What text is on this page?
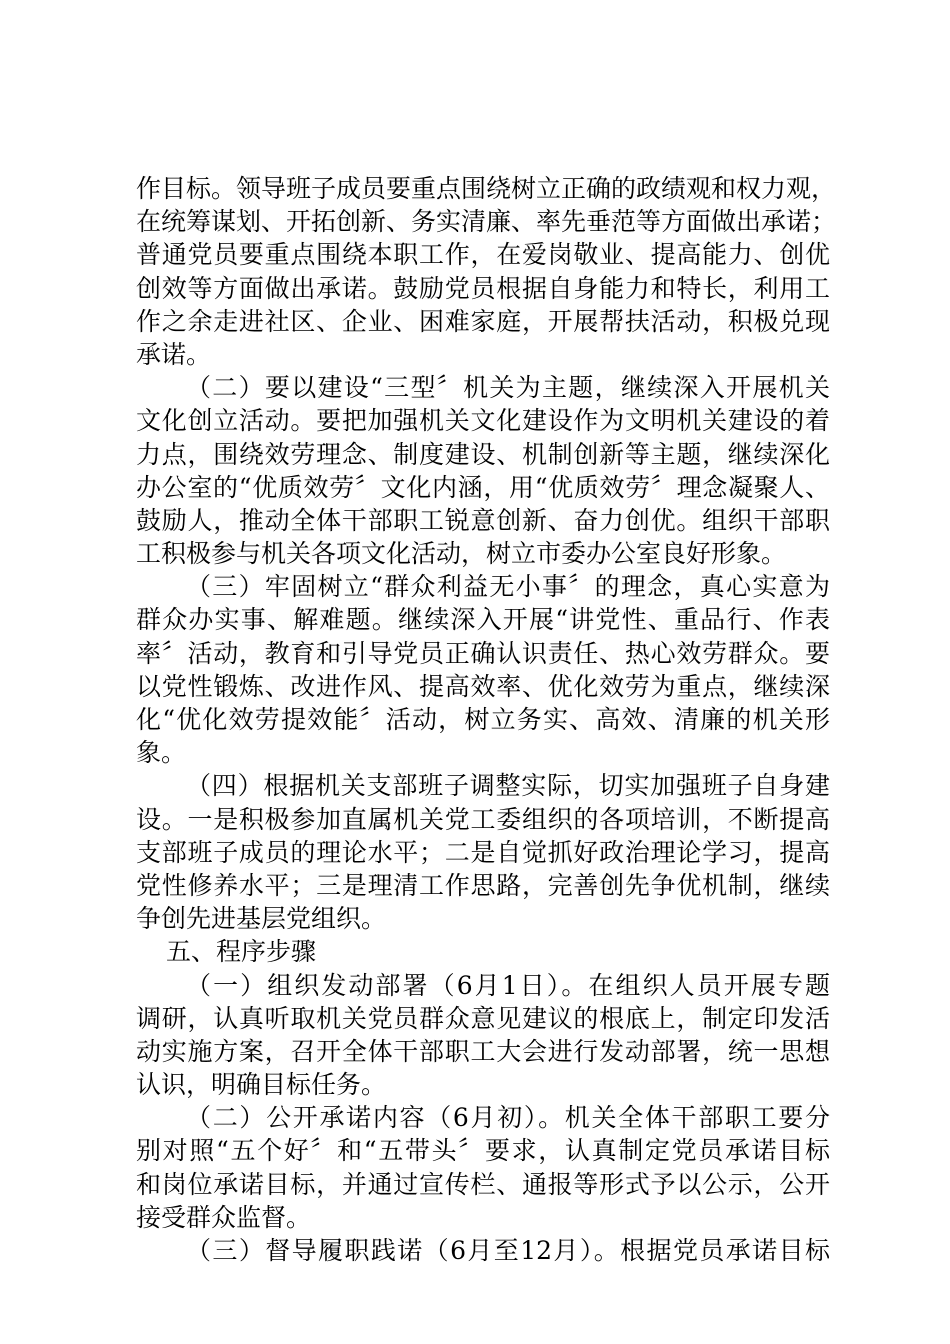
作目标。领导班子成员要重点围绕树立正确的政绩观和权力观，
在统筹谋划、开拓创新、务实清廉、率先垂范等方面做出承诺；
普通党员要重点围绕本职工作，在爱岗敬业、提高能力、创优
创效等方面做出承诺。鼓励党员根据自身能力和特长，利用工
作之余走进社区、企业、困难家庭，开展帮扶活动，积极兑现
承诺。
（二）要以建设“三型〞机关为主题，继续深入开展机关
文化创立活动。要把加强机关文化建设作为文明机关建设的着
力点，围绕效劳理念、制度建设、机制创新等主题，继续深化
办公室的“优质效劳〞文化内涵，用“优质效劳〞理念凝聚人、
鼓励人，推动全体干部职工锐意创新、奋力创优。组织干部职
工积极参与机关各项文化活动，树立市委办公室良好形象。
（三）牢固树立“群众利益无小事〞的理念，真心实意为
群众办实事、解难题。继续深入开展“讲党性、重品行、作表
率〞活动，教育和引导党员正确认识责任、热心效劳群众。要
以党性锻炼、改进作风、提高效率、优化效劳为重点，继续深
化“优化效劳提效能〞活动，树立务实、高效、清廉的机关形
象。
（四）根据机关支部班子调整实际，切实加强班子自身建
设。一是积极参加直属机关党工委组织的各项培训，不断提高
支部班子成员的理论水平；二是自觉抓好政治理论学习，提高
党性修养水平；三是理清工作思路，完善创先争优机制，继续
争创先进基层党组织。
五、程序步骤
（一）组织发动部署（6月1日）。在组织人员开展专题
调研，认真听取机关党员群众意见建议的根底上，制定印发活
动实施方案，召开全体干部职工大会进行发动部署，统一思想
认识，明确目标任务。
（二）公开承诺内容（6月初）。机关全体干部职工要分
别对照“五个好〞和“五带头〞要求，认真制定党员承诺目标
和岗位承诺目标，并通过宣传栏、通报等形式予以公示，公开
接受群众监督。
（三）督导履职践诺（6月至12月）。根据党员承诺目标
